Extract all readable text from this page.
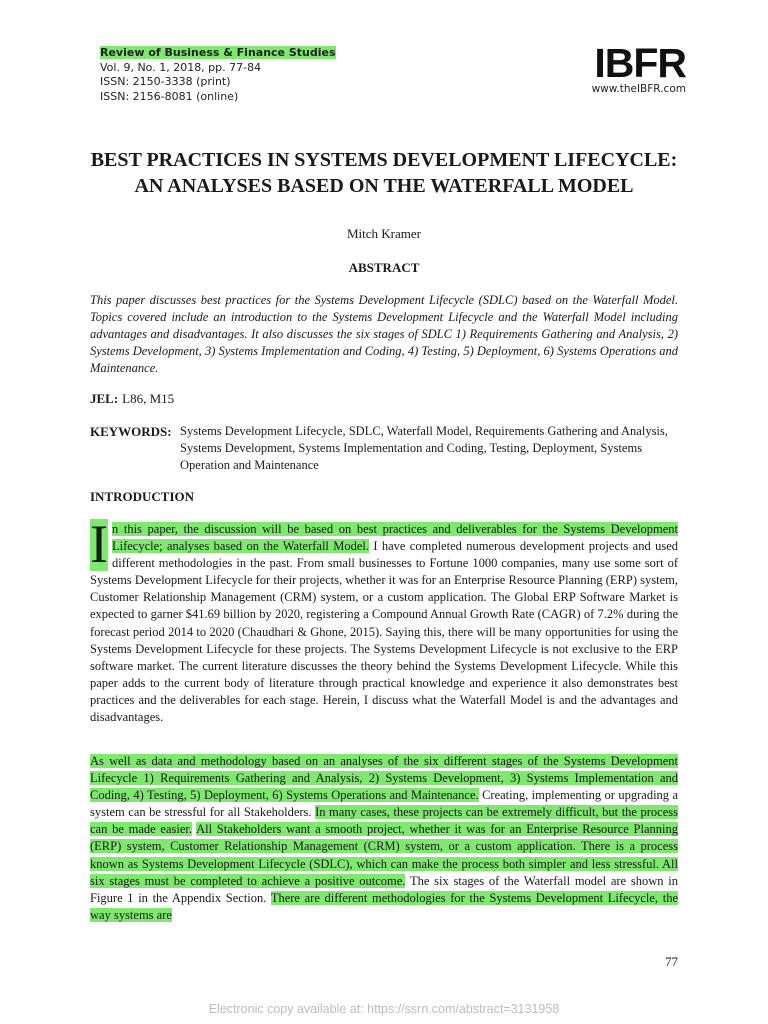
Review of Business & Finance Studies
Vol. 9, No. 1, 2018, pp. 77-84
ISSN: 2150-3338 (print)
ISSN: 2156-8081 (online)
IBFR
www.theIBFR.com
BEST PRACTICES IN SYSTEMS DEVELOPMENT LIFECYCLE: AN ANALYSES BASED ON THE WATERFALL MODEL
Mitch Kramer
ABSTRACT

This paper discusses best practices for the Systems Development Lifecycle (SDLC) based on the Waterfall Model. Topics covered include an introduction to the Systems Development Lifecycle and the Waterfall Model including advantages and disadvantages. It also discusses the six stages of SDLC 1) Requirements Gathering and Analysis, 2) Systems Development, 3) Systems Implementation and Coding, 4) Testing, 5) Deployment, 6) Systems Operations and Maintenance.

JEL: L86, M15
KEYWORDS: Systems Development Lifecycle, SDLC, Waterfall Model, Requirements Gathering and Analysis, Systems Development, Systems Implementation and Coding, Testing, Deployment, Systems Operation and Maintenance
INTRODUCTION

I n this paper, the discussion will be based on best practices and deliverables for the Systems Development Lifecycle; analyses based on the Waterfall Model. I have completed numerous development projects and used different methodologies in the past. From small businesses to Fortune 1000 companies, many use some sort of Systems Development Lifecycle for their projects, whether it was for an Enterprise Resource Planning (ERP) system, Customer Relationship Management (CRM) system, or a custom application. The Global ERP Software Market is expected to garner $41.69 billion by 2020, registering a Compound Annual Growth Rate (CAGR) of 7.2% during the forecast period 2014 to 2020 (Chaudhari & Ghone, 2015). Saying this, there will be many opportunities for using the Systems Development Lifecycle for these projects. The Systems Development Lifecycle is not exclusive to the ERP software market. The current literature discusses the theory behind the Systems Development Lifecycle. While this paper adds to the current body of literature through practical knowledge and experience it also demonstrates best practices and the deliverables for each stage. Herein, I discuss what the Waterfall Model is and the advantages and disadvantages.

As well as data and methodology based on an analyses of the six different stages of the Systems Development Lifecycle 1) Requirements Gathering and Analysis, 2) Systems Development, 3) Systems Implementation and Coding, 4) Testing, 5) Deployment, 6) Systems Operations and Maintenance. Creating, implementing or upgrading a system can be stressful for all Stakeholders. In many cases, these projects can be extremely difficult, but the process can be made easier. All Stakeholders want a smooth project, whether it was for an Enterprise Resource Planning (ERP) system, Customer Relationship Management (CRM) system, or a custom application. There is a process known as Systems Development Lifecycle (SDLC), which can make the process both simpler and less stressful. All six stages must be completed to achieve a positive outcome. The six stages of the Waterfall model are shown in Figure 1 in the Appendix Section. There are different methodologies for the Systems Development Lifecycle, the way systems are

77
Electronic copy available at: https://ssrn.com/abstract=3131958
